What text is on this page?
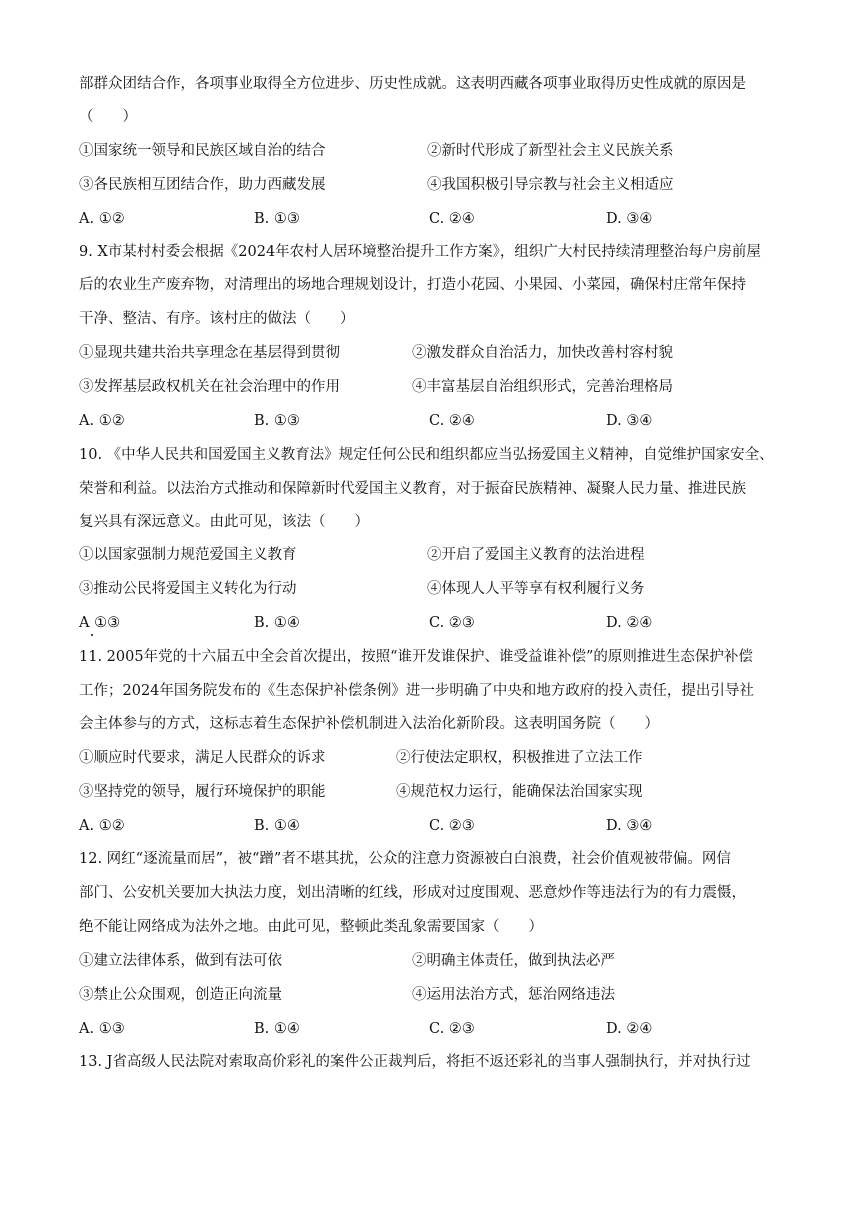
部群众团结合作，各项事业取得全方位进步、历史性成就。这表明西藏各项事业取得历史性成就的原因是
（　　）
①国家统一领导和民族区域自治的结合	②新时代形成了新型社会主义民族关系
③各民族相互团结合作，助力西藏发展	④我国积极引导宗教与社会主义相适应
A. ①②	B. ①③	C. ②④	D. ③④
9. X市某村村委会根据《2024年农村人居环境整治提升工作方案》，组织广大村民持续清理整治每户房前屋
后的农业生产废弃物，对清理出的场地合理规划设计，打造小花园、小果园、小菜园，确保村庄常年保持
干净、整洁、有序。该村庄的做法（　　）
①显现共建共治共享理念在基层得到贯彻	②激发群众自治活力，加快改善村容村貌
③发挥基层政权机关在社会治理中的作用	④丰富基层自治组织形式，完善治理格局
A. ①②	B. ①③	C. ②④	D. ③④
10. 《中华人民共和国爱国主义教育法》规定任何公民和组织都应当弘扬爱国主义精神，自觉维护国家安全、
荣誉和利益。以法治方式推动和保障新时代爱国主义教育，对于振奋民族精神、凝聚人民力量、推进民族
复兴具有深远意义。由此可见，该法（　　）
①以国家强制力规范爱国主义教育	②开启了爱国主义教育的法治进程
③推动公民将爱国主义转化为行动	④体现人人平等享有权利履行义务
A ①③	B. ①④	C. ②③	D. ②④
11. 2005年党的十六届五中全会首次提出，按照“谁开发谁保护、谁受益谁补偿”的原则推进生态保护补偿
工作；2024年国务院发布的《生态保护补偿条例》进一步明确了中央和地方政府的投入责任，提出引导社
会主体参与的方式，这标志着生态保护补偿机制进入法治化新阶段。这表明国务院（　　）
①顺应时代要求，满足人民群众的诉求	②行使法定职权，积极推进了立法工作
③坚持党的领导，履行环境保护的职能	④规范权力运行，能确保法治国家实现
A. ①②	B. ①④	C. ②③	D. ③④
12. 网红“逐流量而居”，被“蹭”者不堪其扰，公众的注意力资源被白白浪费，社会价值观被带偏。网信
部门、公安机关要加大执法力度，划出清晰的红线，形成对过度围观、恶意炒作等违法行为的有力震慑，
绝不能让网络成为法外之地。由此可见，整顿此类乱象需要国家（　　）
①建立法律体系，做到有法可依	②明确主体责任，做到执法必严
③禁止公众围观，创造正向流量	④运用法治方式，惩治网络违法
A. ①③	B. ①④	C. ②③	D. ②④
13. J省高级人民法院对索取高价彩礼的案件公正裁判后，将拒不返还彩礼的当事人强制执行，并对执行过
